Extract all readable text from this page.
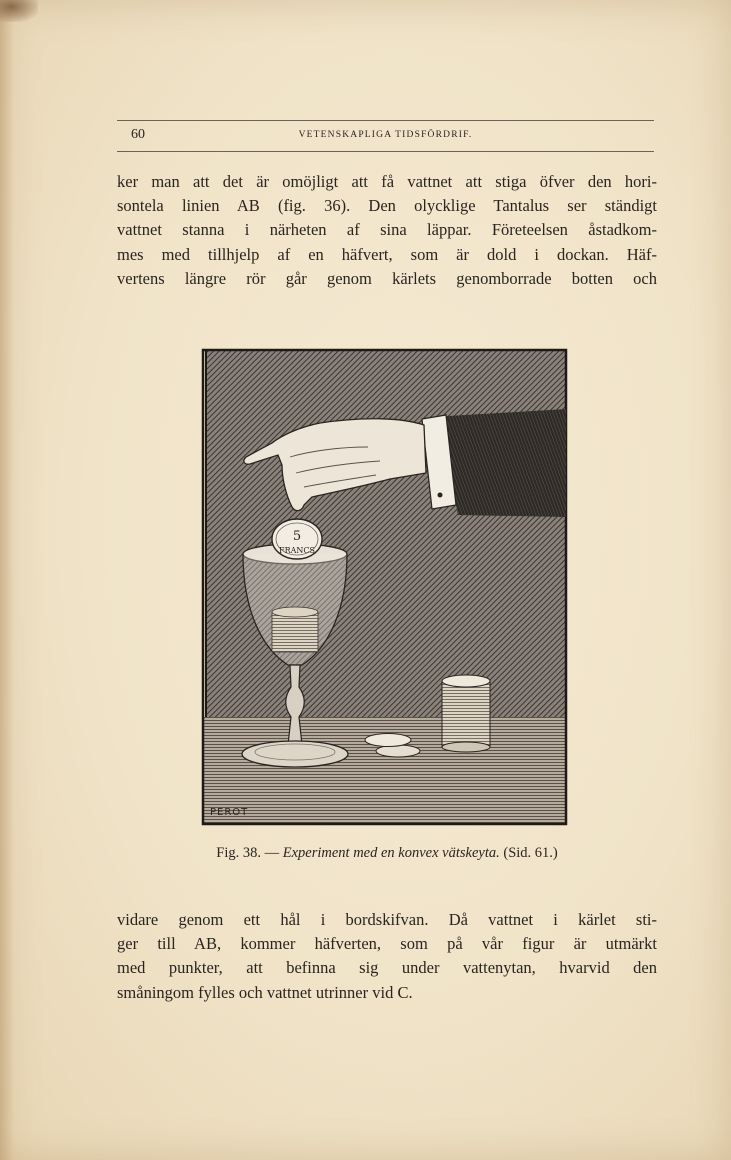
60	VETENSKAPLIGA TIDSFÖRDRIF.
ker man att det är omöjligt att få vattnet att stiga öfver den hori-
sontela linien AB (fig. 36). Den olycklige Tantalus ser ständigt
vattnet stanna i närheten af sina läppar. Företeelsen åstadkom-
mes med tillhjelp af en häfvert, som är dold i dockan. Häf-
vertens längre rör går genom kärlets genomborrade botten och
5
FRANCS
PEROT
Fig. 38. — Experiment med en konvex vätskeyta. (Sid. 61.)
vidare genom ett hål i bordskifvan. Då vattnet i kärlet sti-
ger till AB, kommer häfverten, som på vår figur är utmärkt
med punkter, att befinna sig under vattenytan, hvarvid den
småningom fylles och vattnet utrinner vid C.
